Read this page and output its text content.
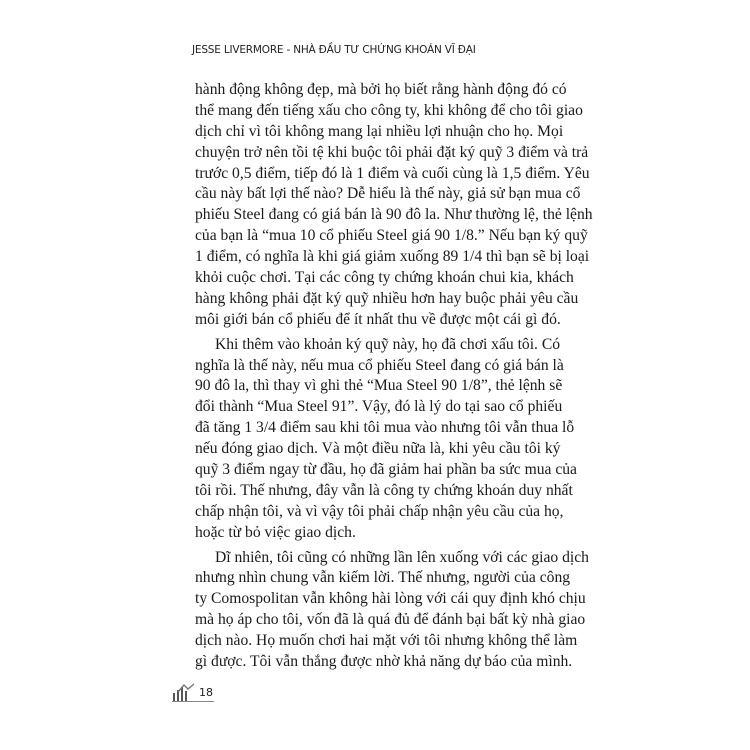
JESSE LIVERMORE - NHÀ ĐẦU TƯ CHỨNG KHOÁN VĨ ĐẠI
hành động không đẹp, mà bởi họ biết rằng hành động đó có
thể mang đến tiếng xấu cho công ty, khi không để cho tôi giao
dịch chỉ vì tôi không mang lại nhiều lợi nhuận cho họ. Mọi
chuyện trở nên tồi tệ khi buộc tôi phải đặt ký quỹ 3 điểm và trả
trước 0,5 điểm, tiếp đó là 1 điểm và cuối cùng là 1,5 điểm. Yêu
cầu này bất lợi thế nào? Dễ hiểu là thế này, giả sử bạn mua cổ
phiếu Steel đang có giá bán là 90 đô la. Như thường lệ, thẻ lệnh
của bạn là “mua 10 cổ phiếu Steel giá 90 1/8.” Nếu bạn ký quỹ
1 điểm, có nghĩa là khi giá giảm xuống 89 1/4 thì bạn sẽ bị loại
khỏi cuộc chơi. Tại các công ty chứng khoán chui kia, khách
hàng không phải đặt ký quỹ nhiều hơn hay buộc phải yêu cầu
môi giới bán cổ phiếu để ít nhất thu về được một cái gì đó.
Khi thêm vào khoản ký quỹ này, họ đã chơi xấu tôi. Có
nghĩa là thế này, nếu mua cổ phiếu Steel đang có giá bán là
90 đô la, thì thay vì ghi thẻ “Mua Steel 90 1/8”, thẻ lệnh sẽ
đổi thành “Mua Steel 91”. Vậy, đó là lý do tại sao cổ phiếu
đã tăng 1 3/4 điểm sau khi tôi mua vào nhưng tôi vẫn thua lỗ
nếu đóng giao dịch. Và một điều nữa là, khi yêu cầu tôi ký
quỹ 3 điểm ngay từ đầu, họ đã giảm hai phần ba sức mua của
tôi rồi. Thế nhưng, đây vẫn là công ty chứng khoán duy nhất
chấp nhận tôi, và vì vậy tôi phải chấp nhận yêu cầu của họ,
hoặc từ bỏ việc giao dịch.
Dĩ nhiên, tôi cũng có những lần lên xuống với các giao dịch
nhưng nhìn chung vẫn kiếm lời. Thế nhưng, người của công
ty Comospolitan vẫn không hài lòng với cái quy định khó chịu
mà họ áp cho tôi, vốn đã là quá đủ để đánh bại bất kỳ nhà giao
dịch nào. Họ muốn chơi hai mặt với tôi nhưng không thể làm
gì được. Tôi vẫn thắng được nhờ khả năng dự báo của mình.
18
